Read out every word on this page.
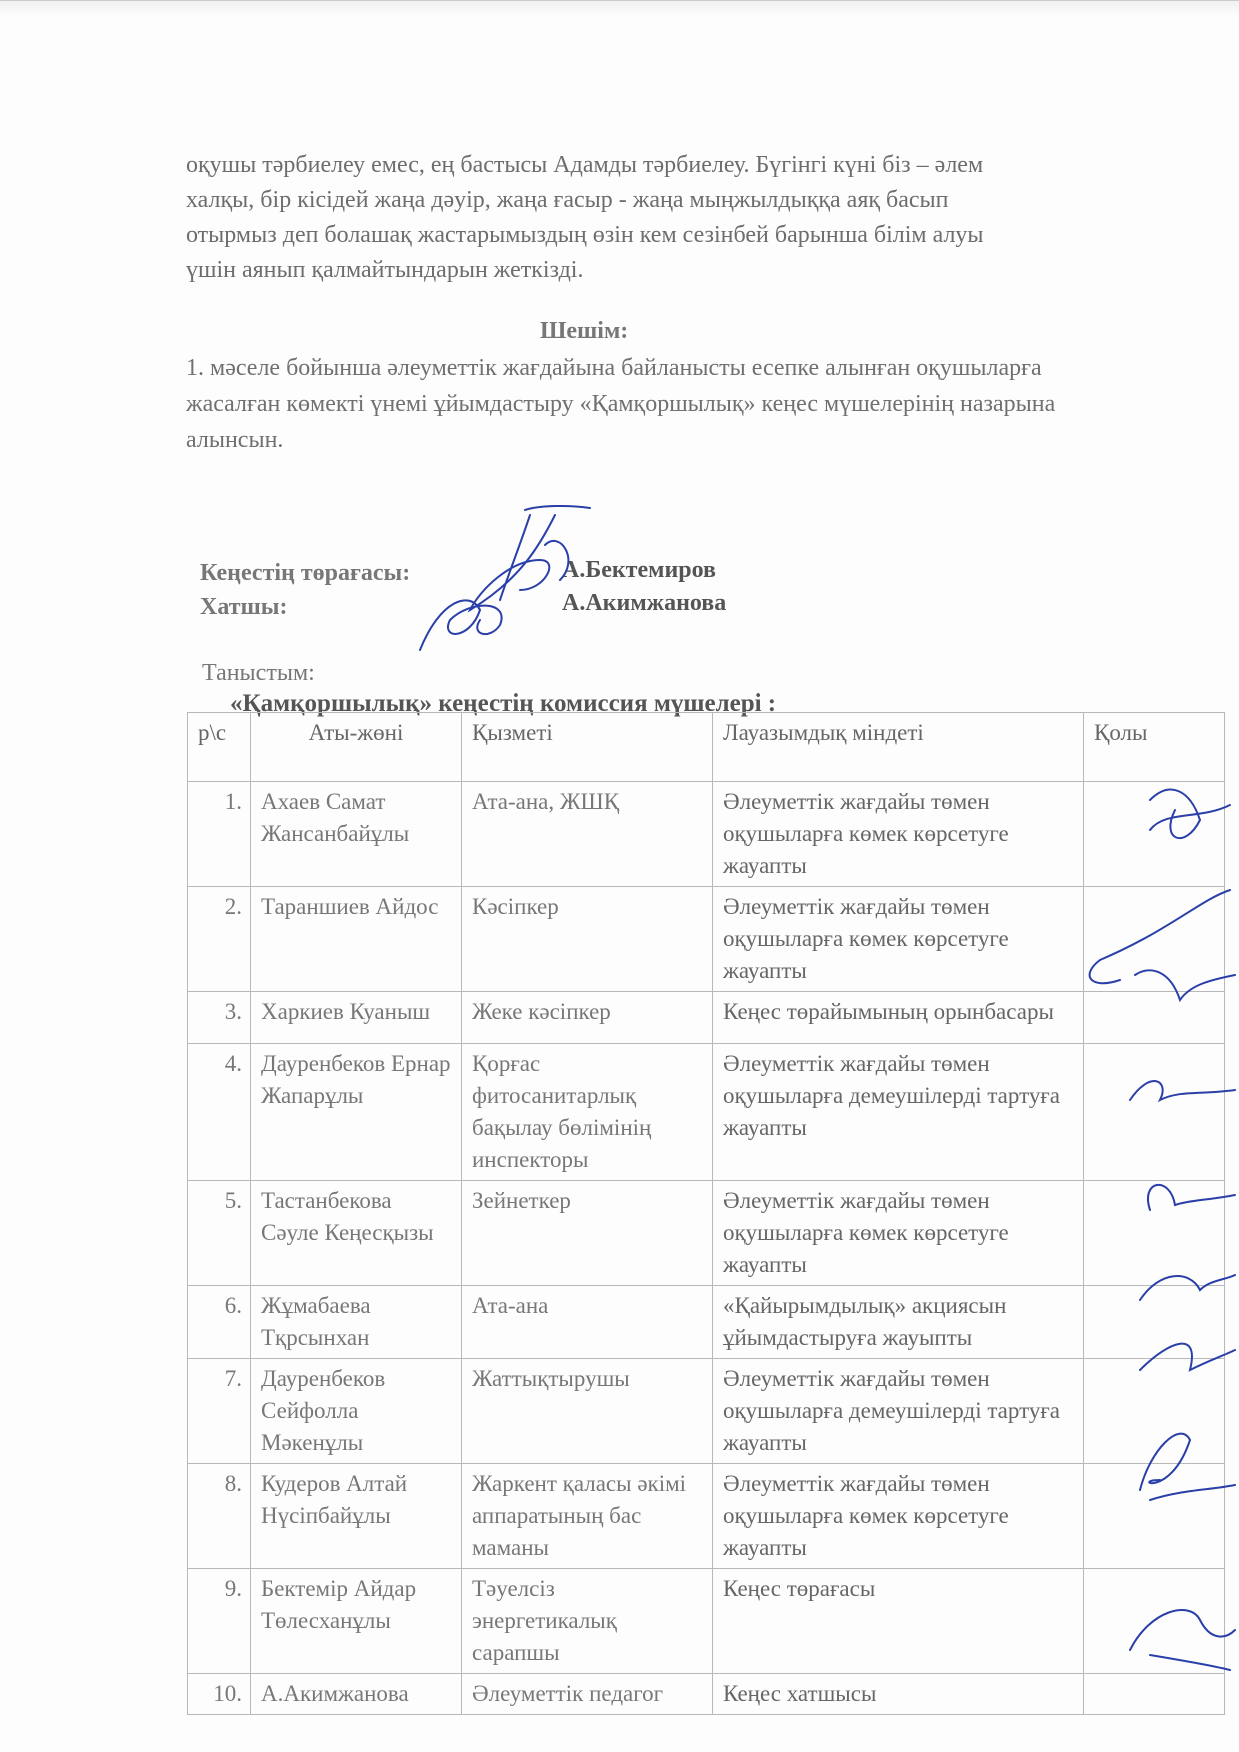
оқушы тәрбиелеу емес, ең бастысы Адамды тәрбиелеу. Бүгінгі күні біз – әлем
халқы, бір кісідей жаңа дәуір, жаңа ғасыр - жаңа мыңжылдыққа аяқ басып
отырмыз деп болашақ жастарымыздың өзін кем сезінбей барынша білім алуы
үшін аянып қалмайтындарын жеткізді.
Шешім:
1. мәселе бойынша әлеуметтік жағдайына байланысты есепке алынған оқушыларға жасалған көмекті үнемі ұйымдастыру «Қамқоршылық» кеңес мүшелерінің назарына алынсын.
Кеңестің төрағасы:	А.Бектемиров
Хатшы:	А.Акимжанова
Таныстым:
«Қамқоршылық» кеңестің комиссия мүшелері :
р\с	Аты-жөні	Қызметі	Лауазымдық міндеті	Қолы
1.	Ахаев Самат Жансанбайұлы	Ата-ана, ЖШҚ	Әлеуметтік жағдайы төмен оқушыларға көмек көрсетуге жауапты	
2.	Тараншиев Айдос	Кәсіпкер	Әлеуметтік жағдайы төмен оқушыларға көмек көрсетуге жауапты	
3.	Харкиев Куаныш	Жеке кәсіпкер	Кеңес төрайымының орынбасары	
4.	Дауренбеков Ернар Жапарұлы	Қорғас фитосанитарлық бақылау бөлімінің инспекторы	Әлеуметтік жағдайы төмен оқушыларға демеушілерді тартуға жауапты	
5.	Тастанбекова Сәуле Кеңесқызы	Зейнеткер	Әлеуметтік жағдайы төмен оқушыларға көмек көрсетуге жауапты	
6.	Жұмабаева Тқрсынхан	Ата-ана	«Қайырымдылық» акциясын ұйымдастыруға жауыпты	
7.	Дауренбеков Сейфолла Мәкенұлы	Жаттықтырушы	Әлеуметтік жағдайы төмен оқушыларға демеушілерді тартуға жауапты	
8.	Кудеров Алтай Нүсіпбайұлы	Жаркент қаласы әкімі аппаратының бас маманы	Әлеуметтік жағдайы төмен оқушыларға көмек көрсетуге жауапты	
9.	Бектемір Айдар Төлесханұлы	Тәуелсіз энергетикалық сарапшы	Кеңес төрағасы	
10.	А.Акимжанова	Әлеуметтік педагог	Кеңес хатшысы	
